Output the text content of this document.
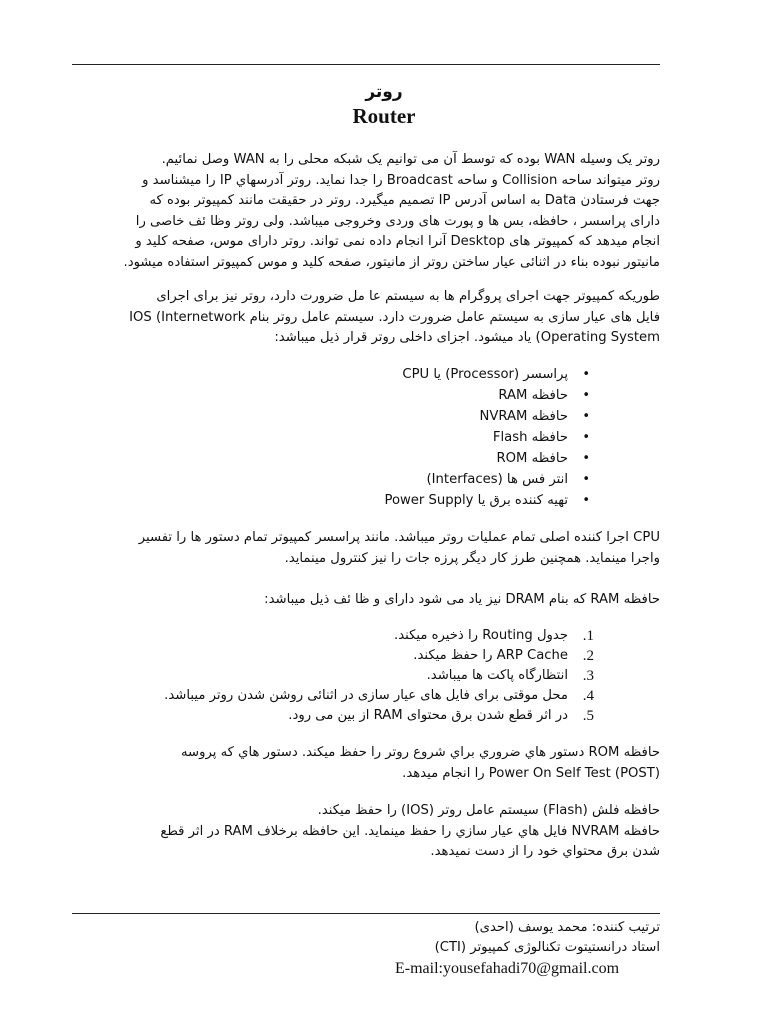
روتر
Router
روتر یک وسیله WAN بوده که توسط آن می توانیم یک شبکه محلی را به WAN وصل نمائیم.
روتر میتواند ساحه Collision و ساحه Broadcast را جدا نماید. روتر آدرسهاي IP را میشناسد و
جهت فرستادن Data به اساس آدرس IP تصمیم میگیرد. روتر در حقیقت مانند کمپیوتر بوده که
دارای پراسسر ، حافظه، بس ها و پورت های وردی وخروجی میباشد. ولی روتر وظا ئف خاصی را
انجام میدهد که کمپیوتر های Desktop آنرا انجام داده نمی تواند. روتر دارای موس، صفحه کلید و
مانیتور نبوده بناء در اثنائی عیار ساختن روتر از مانیتور، صفحه کلید و موس کمپیوتر استفاده میشود.
طوریکه کمپیوتر جهت اجرای پروگرام ها به سیستم عا مل ضرورت دارد، روتر نیز برای اجرای
فایل های عیار سازی به سیستم عامل ضرورت دارد. سیستم عامل روتر بنام IOS (Internetwork
Operating System) یاد میشود. اجزای داخلی روتر قرار ذیل میباشد:
• پراسسر (Processor) یا CPU
• حافظه RAM
• حافظه NVRAM
• حافظه Flash
• حافظه ROM
• انتر فس ها (Interfaces)
• تهیه کننده برق یا Power Supply
CPU اجرا کننده اصلی تمام عملیات روتر میباشد. مانند پراسسر کمپیوتر تمام دستور ها را تفسیر
واجرا مینماید. همچنین طرز کار دیگر پرزه جات را نیز کنترول مینماید.
حافظه RAM که بنام DRAM نیز یاد می شود دارای و ظا ئف ذیل میباشد:
1.
جدول Routing را ذخیره میکند.
2.
ARP Cache را حفظ میکند.
3.
انتظارگاه پاکت ها میباشد.
4.
محل موقتی برای فایل های عیار سازی در اثنائی روشن شدن روتر میباشد.
5.
در اثر قطع شدن برق محتوای RAM از بین می رود.
حافظه ROM دستور هاي ضروري براي شروع روتر را حفظ میکند. دستور هاي كه پروسه
(Power On Self Test (POST را انجام میدهد.
حافظه فلش (Flash) سیستم عامل روتر (IOS) را حفظ میکند.
حافظه NVRAM فایل هاي عیار سازي را حفظ مینماید. این حافظه برخلاف RAM در اثر قطع
شدن برق محتواي خود را از دست نمیدهد.
ترتیب کننده: محمد یوسف (احدی)
استاد درانستیتوت تکنالوژی کمپیوتر (CTI)
E-mail:yousefahadi70@gmail.com
